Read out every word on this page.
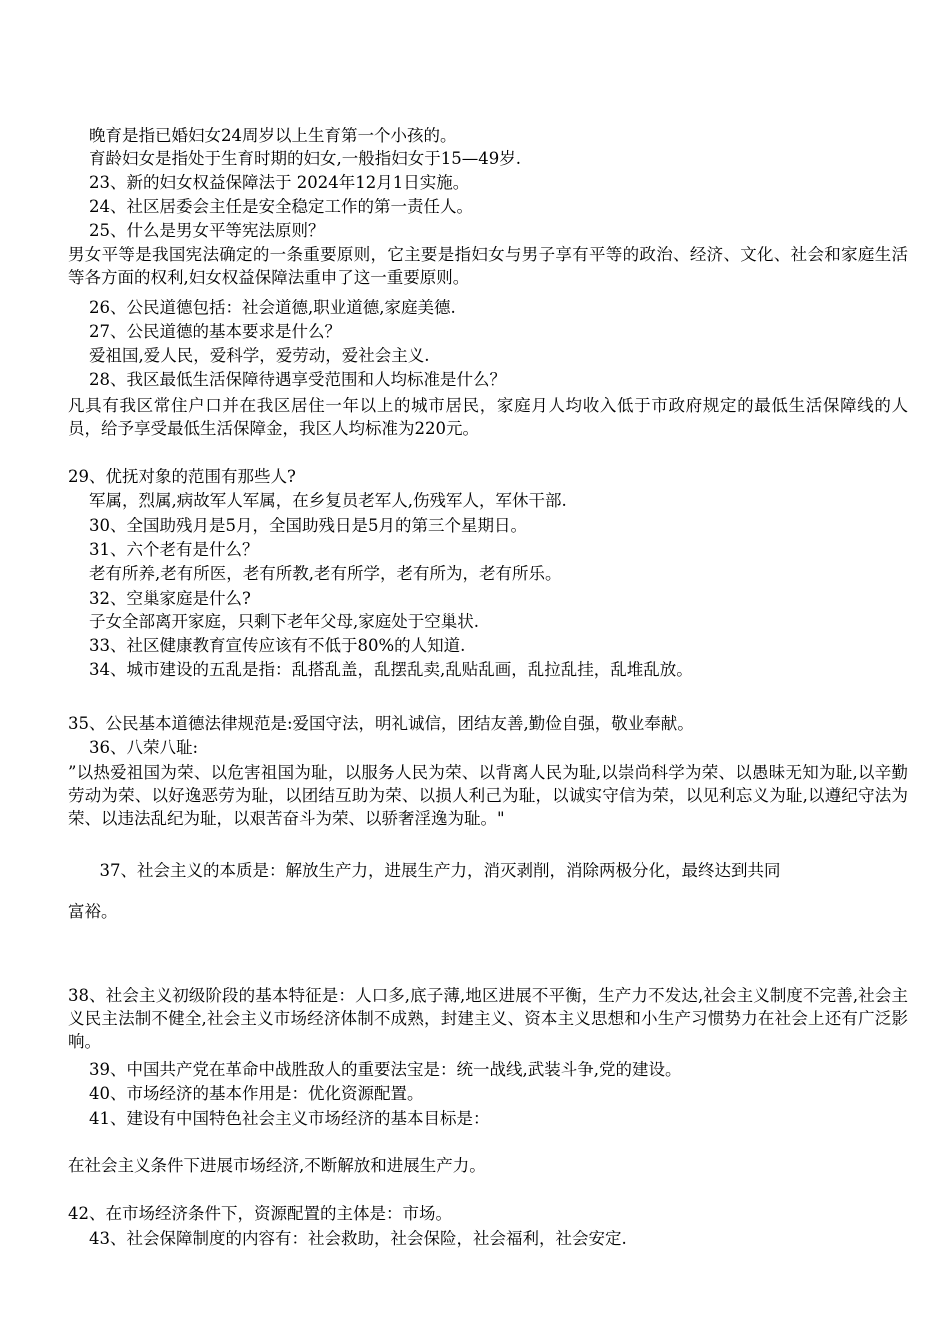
晚育是指已婚妇女24周岁以上生育第一个小孩的。
育龄妇女是指处于生育时期的妇女,一般指妇女于15—49岁.
23、新的妇女权益保障法于 2024年12月1日实施。
24、社区居委会主任是安全稳定工作的第一责任人。
25、什么是男女平等宪法原则？
男女平等是我国宪法确定的一条重要原则，它主要是指妇女与男子享有平等的政治、经济、文化、社会和家庭生活等各方面的权利,妇女权益保障法重申了这一重要原则。
26、公民道德包括：社会道德,职业道德,家庭美德.
27、公民道德的基本要求是什么？
爱祖国,爱人民，爱科学，爱劳动，爱社会主义.
28、我区最低生活保障待遇享受范围和人均标准是什么？
凡具有我区常住户口并在我区居住一年以上的城市居民，家庭月人均收入低于市政府规定的最低生活保障线的人员，给予享受最低生活保障金，我区人均标准为220元。
29、优抚对象的范围有那些人?
军属，烈属,病故军人军属，在乡复员老军人,伤残军人，军休干部.
30、全国助残月是5月，全国助残日是5月的第三个星期日。
31、六个老有是什么？
老有所养,老有所医，老有所教,老有所学，老有所为，老有所乐。
32、空巢家庭是什么?
子女全部离开家庭，只剩下老年父母,家庭处于空巢状.
33、社区健康教育宣传应该有不低于80%的人知道.
34、城市建设的五乱是指：乱搭乱盖，乱摆乱卖,乱贴乱画，乱拉乱挂，乱堆乱放。
35、公民基本道德法律规范是:爱国守法，明礼诚信，团结友善,勤俭自强，敬业奉献。
36、八荣八耻:
”以热爱祖国为荣、以危害祖国为耻，以服务人民为荣、以背离人民为耻,以崇尚科学为荣、以愚昧无知为耻,以辛勤劳动为荣、以好逸恶劳为耻，以团结互助为荣、以损人利己为耻，以诚实守信为荣，以见利忘义为耻,以遵纪守法为荣、以违法乱纪为耻，以艰苦奋斗为荣、以骄奢淫逸为耻。"
37、社会主义的本质是：解放生产力，进展生产力，消灭剥削，消除两极分化，最终达到共同
富裕。
38、社会主义初级阶段的基本特征是：人口多,底子薄,地区进展不平衡，生产力不发达,社会主义制度不完善,社会主义民主法制不健全,社会主义市场经济体制不成熟，封建主义、资本主义思想和小生产习惯势力在社会上还有广泛影响。
39、中国共产党在革命中战胜敌人的重要法宝是：统一战线,武装斗争,党的建设。
40、市场经济的基本作用是：优化资源配置。
41、建设有中国特色社会主义市场经济的基本目标是：
在社会主义条件下进展市场经济,不断解放和进展生产力。
42、在市场经济条件下，资源配置的主体是：市场。
43、社会保障制度的内容有：社会救助，社会保险，社会福利，社会安定.
